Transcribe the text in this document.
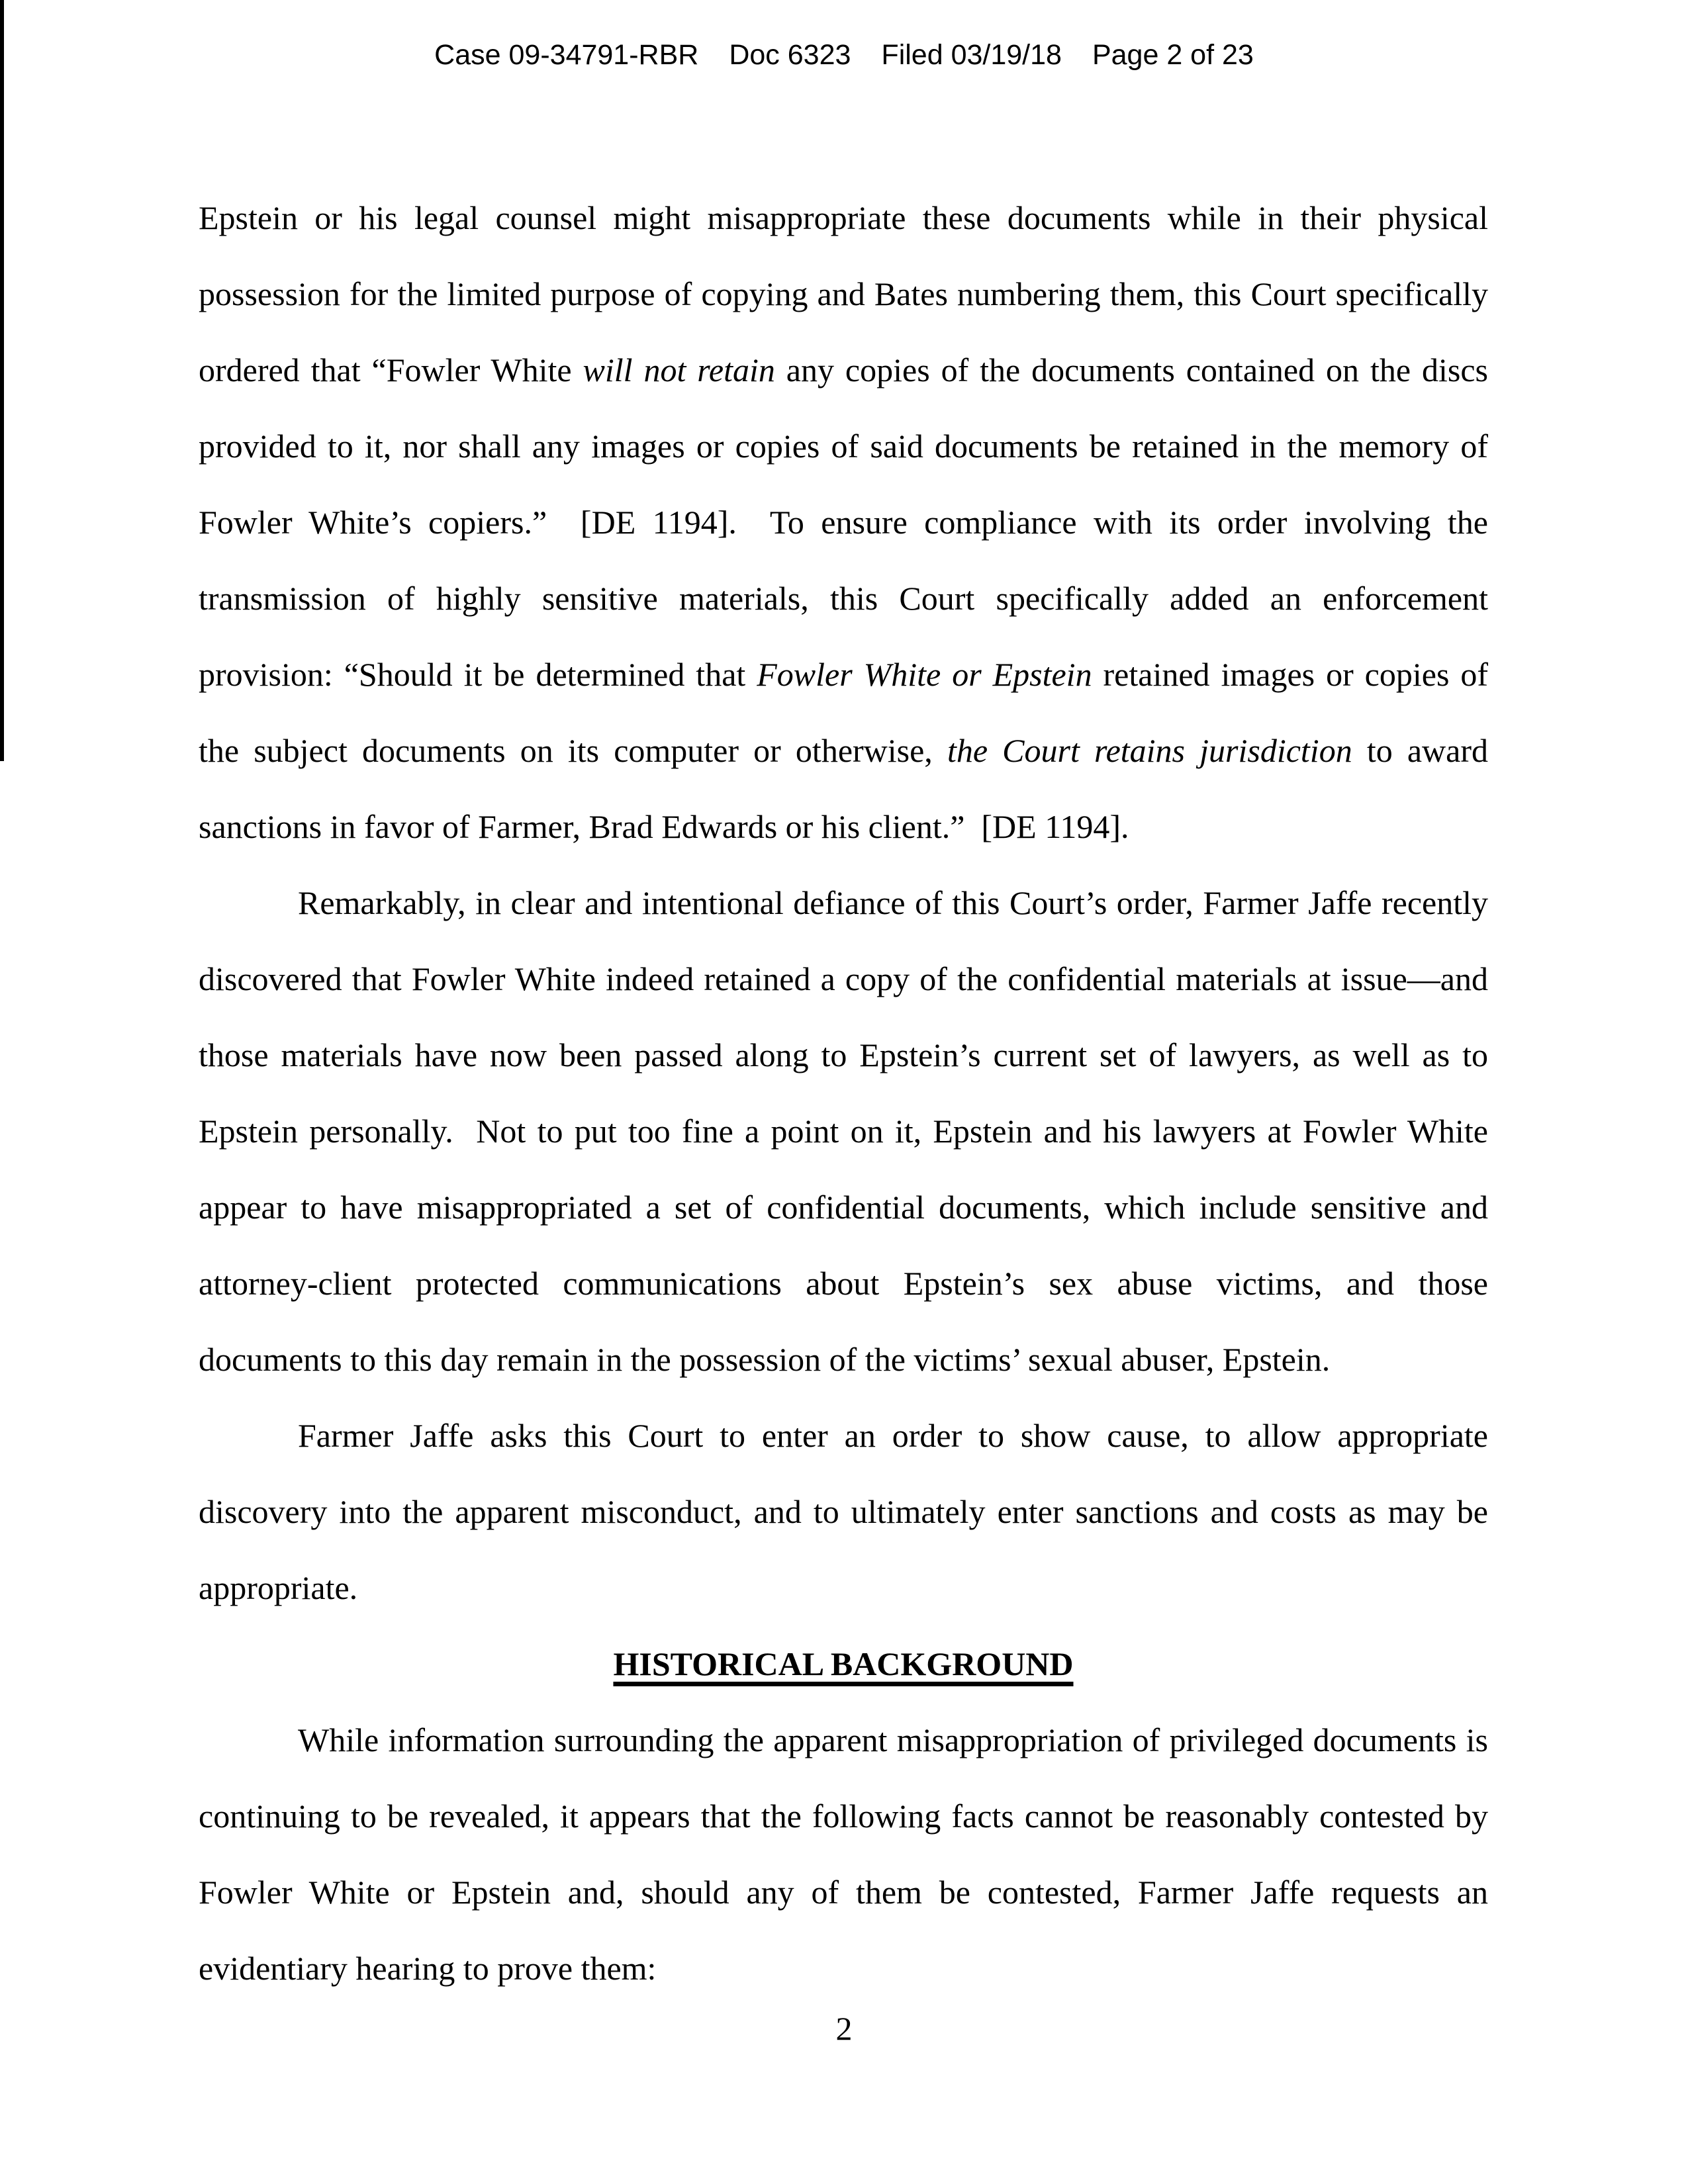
Case 09-34791-RBR Doc 6323 Filed 03/19/18 Page 2 of 23

Epstein or his legal counsel might misappropriate these documents while in their physical possession for the limited purpose of copying and Bates numbering them, this Court specifically ordered that “Fowler White will not retain any copies of the documents contained on the discs provided to it, nor shall any images or copies of said documents be retained in the memory of Fowler White’s copiers.”  [DE 1194].  To ensure compliance with its order involving the transmission of highly sensitive materials, this Court specifically added an enforcement provision: “Should it be determined that Fowler White or Epstein retained images or copies of the subject documents on its computer or otherwise, the Court retains jurisdiction to award sanctions in favor of Farmer, Brad Edwards or his client.”  [DE 1194].

Remarkably, in clear and intentional defiance of this Court’s order, Farmer Jaffe recently discovered that Fowler White indeed retained a copy of the confidential materials at issue—and those materials have now been passed along to Epstein’s current set of lawyers, as well as to Epstein personally.  Not to put too fine a point on it, Epstein and his lawyers at Fowler White appear to have misappropriated a set of confidential documents, which include sensitive and attorney-client protected communications about Epstein’s sex abuse victims, and those documents to this day remain in the possession of the victims’ sexual abuser, Epstein.

Farmer Jaffe asks this Court to enter an order to show cause, to allow appropriate discovery into the apparent misconduct, and to ultimately enter sanctions and costs as may be appropriate.

HISTORICAL BACKGROUND

While information surrounding the apparent misappropriation of privileged documents is continuing to be revealed, it appears that the following facts cannot be reasonably contested by Fowler White or Epstein and, should any of them be contested, Farmer Jaffe requests an evidentiary hearing to prove them:

2
